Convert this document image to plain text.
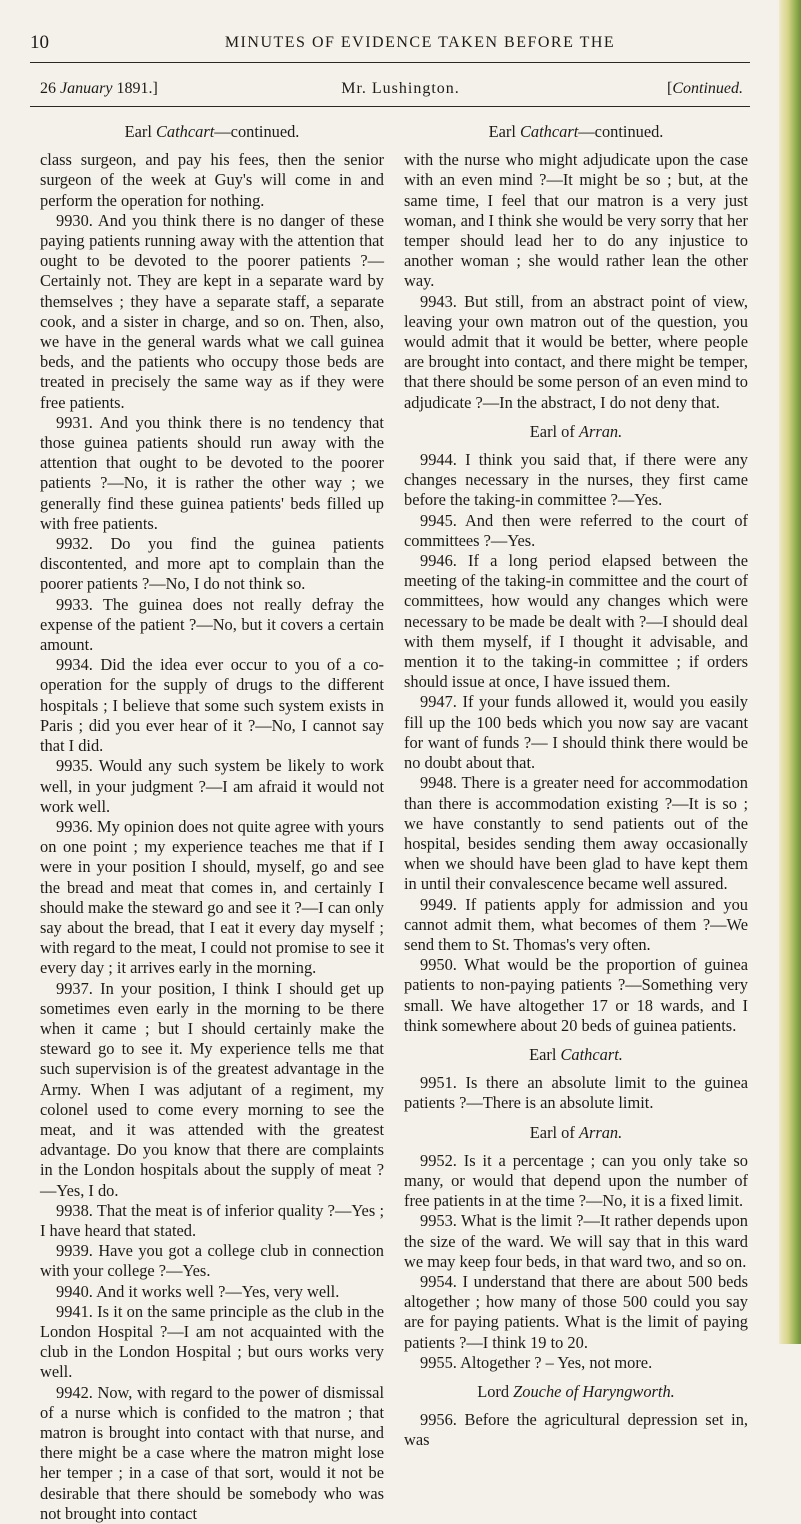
10	MINUTES OF EVIDENCE TAKEN BEFORE THE
26 January 1891.]	Mr. Lushington.	[Continued.
Earl Cathcart—continued.

class surgeon, and pay his fees, then the senior surgeon of the week at Guy's will come in and perform the operation for nothing.

9930. And you think there is no danger of these paying patients running away with the attention that ought to be devoted to the poorer patients ?—Certainly not. They are kept in a separate ward by themselves ; they have a separate staff, a separate cook, and a sister in charge, and so on. Then, also, we have in the general wards what we call guinea beds, and the patients who occupy those beds are treated in precisely the same way as if they were free patients.

9931. And you think there is no tendency that those guinea patients should run away with the attention that ought to be devoted to the poorer patients ?—No, it is rather the other way ; we generally find these guinea patients' beds filled up with free patients.

9932. Do you find the guinea patients discontented, and more apt to complain than the poorer patients ?—No, I do not think so.

9933. The guinea does not really defray the expense of the patient ?—No, but it covers a certain amount.

9934. Did the idea ever occur to you of a co-operation for the supply of drugs to the different hospitals ; I believe that some such system exists in Paris ; did you ever hear of it ?—No, I cannot say that I did.

9935. Would any such system be likely to work well, in your judgment ?—I am afraid it would not work well.

9936. My opinion does not quite agree with yours on one point ; my experience teaches me that if I were in your position I should, myself, go and see the bread and meat that comes in, and certainly I should make the steward go and see it ?—I can only say about the bread, that I eat it every day myself ; with regard to the meat, I could not promise to see it every day ; it arrives early in the morning.

9937. In your position, I think I should get up sometimes even early in the morning to be there when it came ; but I should certainly make the steward go to see it. My experience tells me that such supervision is of the greatest advantage in the Army. When I was adjutant of a regiment, my colonel used to come every morning to see the meat, and it was attended with the greatest advantage. Do you know that there are complaints in the London hospitals about the supply of meat ?—Yes, I do.

9938. That the meat is of inferior quality ?—Yes ; I have heard that stated.

9939. Have you got a college club in connection with your college ?—Yes.

9940. And it works well ?—Yes, very well.

9941. Is it on the same principle as the club in the London Hospital ?—I am not acquainted with the club in the London Hospital ; but ours works very well.

9942. Now, with regard to the power of dismissal of a nurse which is confided to the matron ; that matron is brought into contact with that nurse, and there might be a case where the matron might lose her temper ; in a case of that sort, would it not be desirable that there should be somebody who was not brought into contact

Earl Cathcart—continued.

with the nurse who might adjudicate upon the case with an even mind ?—It might be so ; but, at the same time, I feel that our matron is a very just woman, and I think she would be very sorry that her temper should lead her to do any injustice to another woman ; she would rather lean the other way.

9943. But still, from an abstract point of view, leaving your own matron out of the question, you would admit that it would be better, where people are brought into contact, and there might be temper, that there should be some person of an even mind to adjudicate ?—In the abstract, I do not deny that.

Earl of Arran.

9944. I think you said that, if there were any changes necessary in the nurses, they first came before the taking-in committee ?—Yes.

9945. And then were referred to the court of committees ?—Yes.

9946. If a long period elapsed between the meeting of the taking-in committee and the court of committees, how would any changes which were necessary to be made be dealt with ?—I should deal with them myself, if I thought it advisable, and mention it to the taking-in committee ; if orders should issue at once, I have issued them.

9947. If your funds allowed it, would you easily fill up the 100 beds which you now say are vacant for want of funds ?— I should think there would be no doubt about that.

9948. There is a greater need for accommodation than there is accommodation existing ?—It is so ; we have constantly to send patients out of the hospital, besides sending them away occasionally when we should have been glad to have kept them in until their convalescence became well assured.

9949. If patients apply for admission and you cannot admit them, what becomes of them ?—We send them to St. Thomas's very often.

9950. What would be the proportion of guinea patients to non-paying patients ?—Something very small. We have altogether 17 or 18 wards, and I think somewhere about 20 beds of guinea patients.

Earl Cathcart.

9951. Is there an absolute limit to the guinea patients ?—There is an absolute limit.

Earl of Arran.

9952. Is it a percentage ; can you only take so many, or would that depend upon the number of free patients in at the time ?—No, it is a fixed limit.

9953. What is the limit ?—It rather depends upon the size of the ward. We will say that in this ward we may keep four beds, in that ward two, and so on.

9954. I understand that there are about 500 beds altogether ; how many of those 500 could you say are for paying patients. What is the limit of paying patients ?—I think 19 to 20.

9955. Altogether ? – Yes, not more.

Lord Zouche of Haryngworth.

9956. Before the agricultural depression set in, was
